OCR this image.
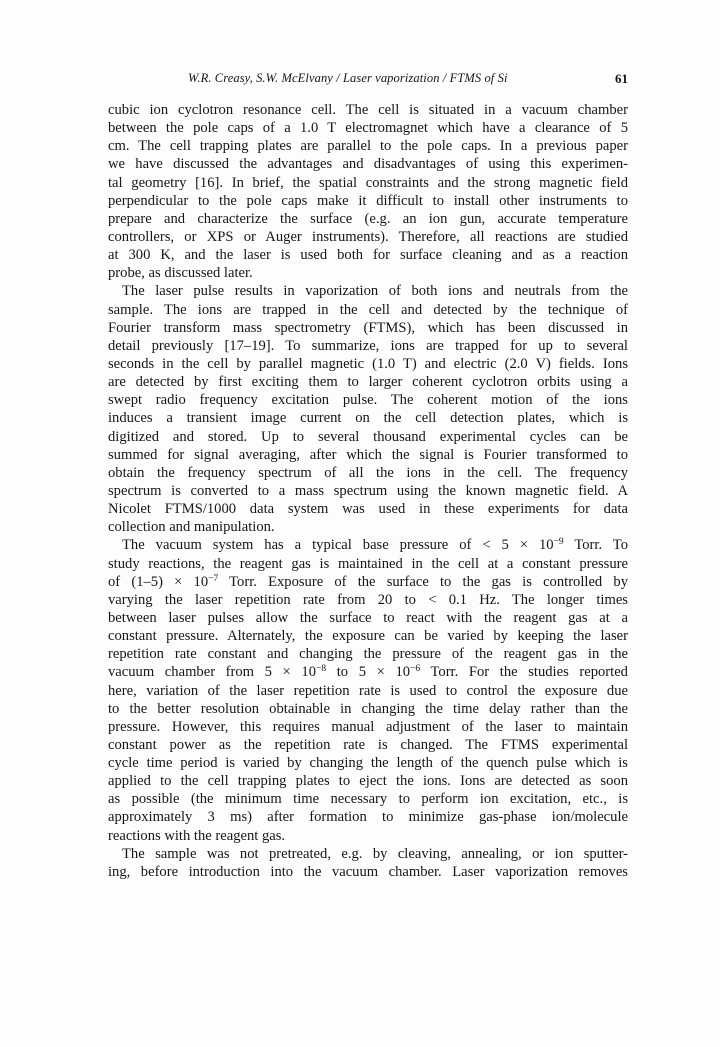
W.R. Creasy, S.W. McElvany / Laser vaporization / FTMS of Si	61
cubic ion cyclotron resonance cell. The cell is situated in a vacuum chamber
between the pole caps of a 1.0 T electromagnet which have a clearance of 5
cm. The cell trapping plates are parallel to the pole caps. In a previous paper
we have discussed the advantages and disadvantages of using this experimen-
tal geometry [16]. In brief, the spatial constraints and the strong magnetic field
perpendicular to the pole caps make it difficult to install other instruments to
prepare and characterize the surface (e.g. an ion gun, accurate temperature
controllers, or XPS or Auger instruments). Therefore, all reactions are studied
at 300 K, and the laser is used both for surface cleaning and as a reaction
probe, as discussed later.
The laser pulse results in vaporization of both ions and neutrals from the
sample. The ions are trapped in the cell and detected by the technique of
Fourier transform mass spectrometry (FTMS), which has been discussed in
detail previously [17–19]. To summarize, ions are trapped for up to several
seconds in the cell by parallel magnetic (1.0 T) and electric (2.0 V) fields. Ions
are detected by first exciting them to larger coherent cyclotron orbits using a
swept radio frequency excitation pulse. The coherent motion of the ions
induces a transient image current on the cell detection plates, which is
digitized and stored. Up to several thousand experimental cycles can be
summed for signal averaging, after which the signal is Fourier transformed to
obtain the frequency spectrum of all the ions in the cell. The frequency
spectrum is converted to a mass spectrum using the known magnetic field. A
Nicolet FTMS/1000 data system was used in these experiments for data
collection and manipulation.
The vacuum system has a typical base pressure of < $5 \times 10^{-9}$ Torr. To
study reactions, the reagent gas is maintained in the cell at a constant pressure
of $(1-5) \times 10^{-7}$ Torr. Exposure of the surface to the gas is controlled by
varying the laser repetition rate from 20 to < 0.1 Hz. The longer times
between laser pulses allow the surface to react with the reagent gas at a
constant pressure. Alternately, the exposure can be varied by keeping the laser
repetition rate constant and changing the pressure of the reagent gas in the
vacuum chamber from $5 \times 10^{-8}$ to $5 \times 10^{-6}$ Torr. For the studies reported
here, variation of the laser repetition rate is used to control the exposure due
to the better resolution obtainable in changing the time delay rather than the
pressure. However, this requires manual adjustment of the laser to maintain
constant power as the repetition rate is changed. The FTMS experimental
cycle time period is varied by changing the length of the quench pulse which is
applied to the cell trapping plates to eject the ions. Ions are detected as soon
as possible (the minimum time necessary to perform ion excitation, etc., is
approximately 3 ms) after formation to minimize gas-phase ion/molecule
reactions with the reagent gas.
The sample was not pretreated, e.g. by cleaving, annealing, or ion sputter-
ing, before introduction into the vacuum chamber. Laser vaporization removes
